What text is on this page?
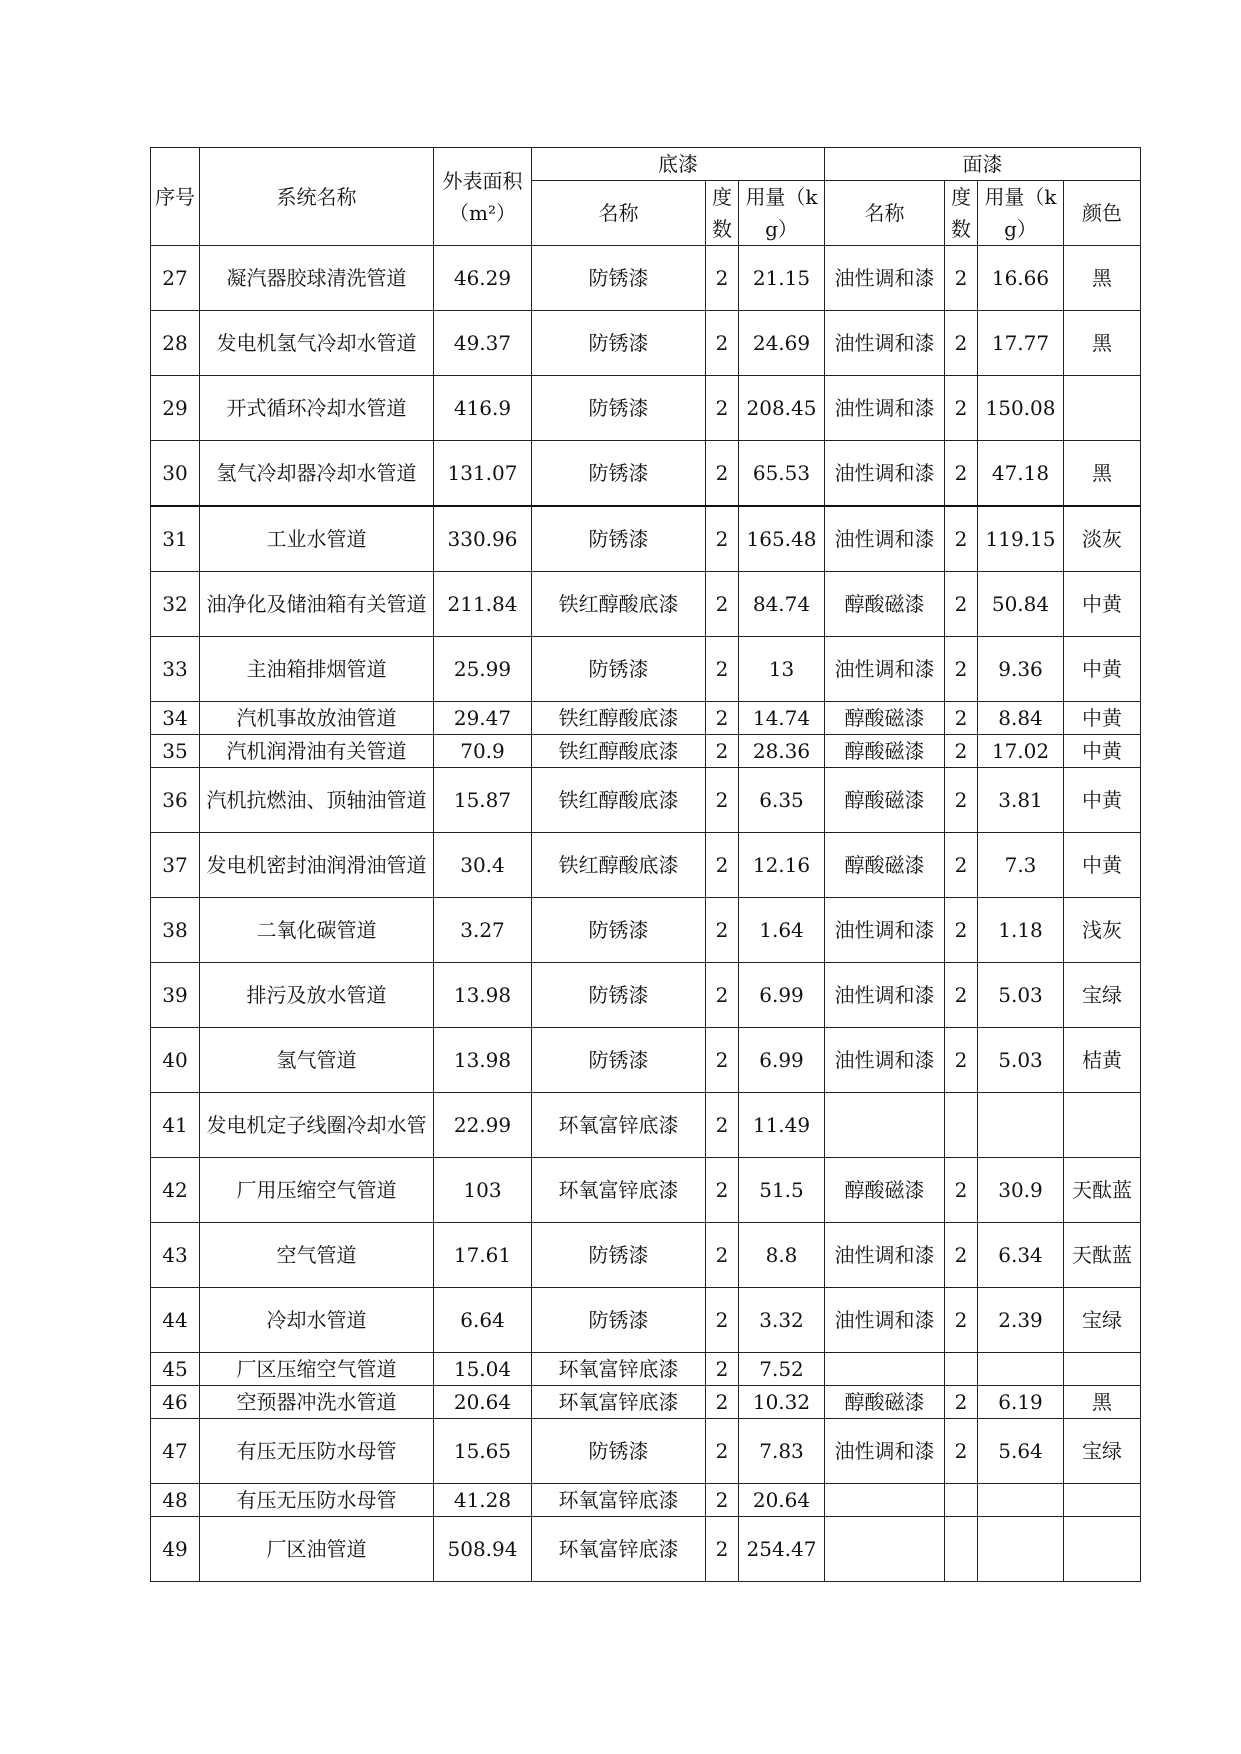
序号	系统名称	外表面积（m²）	底漆			面漆			
			名称	度数	用量（kg）	名称	度数	用量（kg）	颜色
27	凝汽器胶球清洗管道	46.29	防锈漆	2	21.15	油性调和漆	2	16.66	黑
28	发电机氢气冷却水管道	49.37	防锈漆	2	24.69	油性调和漆	2	17.77	黑
29	开式循环冷却水管道	416.9	防锈漆	2	208.45	油性调和漆	2	150.08	
30	氢气冷却器冷却水管道	131.07	防锈漆	2	65.53	油性调和漆	2	47.18	黑
31	工业水管道	330.96	防锈漆	2	165.48	油性调和漆	2	119.15	淡灰
32	油净化及储油箱有关管道	211.84	铁红醇酸底漆	2	84.74	醇酸磁漆	2	50.84	中黄
33	主油箱排烟管道	25.99	防锈漆	2	13	油性调和漆	2	9.36	中黄
34	汽机事故放油管道	29.47	铁红醇酸底漆	2	14.74	醇酸磁漆	2	8.84	中黄
35	汽机润滑油有关管道	70.9	铁红醇酸底漆	2	28.36	醇酸磁漆	2	17.02	中黄
36	汽机抗燃油、顶轴油管道	15.87	铁红醇酸底漆	2	6.35	醇酸磁漆	2	3.81	中黄
37	发电机密封油润滑油管道	30.4	铁红醇酸底漆	2	12.16	醇酸磁漆	2	7.3	中黄
38	二氧化碳管道	3.27	防锈漆	2	1.64	油性调和漆	2	1.18	浅灰
39	排污及放水管道	13.98	防锈漆	2	6.99	油性调和漆	2	5.03	宝绿
40	氢气管道	13.98	防锈漆	2	6.99	油性调和漆	2	5.03	桔黄
41	发电机定子线圈冷却水管	22.99	环氧富锌底漆	2	11.49				
42	厂用压缩空气管道	103	环氧富锌底漆	2	51.5	醇酸磁漆	2	30.9	天酞蓝
43	空气管道	17.61	防锈漆	2	8.8	油性调和漆	2	6.34	天酞蓝
44	冷却水管道	6.64	防锈漆	2	3.32	油性调和漆	2	2.39	宝绿
45	厂区压缩空气管道	15.04	环氧富锌底漆	2	7.52				
46	空预器冲洗水管道	20.64	环氧富锌底漆	2	10.32	醇酸磁漆	2	6.19	黑
47	有压无压防水母管	15.65	防锈漆	2	7.83	油性调和漆	2	5.64	宝绿
48	有压无压防水母管	41.28	环氧富锌底漆	2	20.64				
49	厂区油管道	508.94	环氧富锌底漆	2	254.47				
